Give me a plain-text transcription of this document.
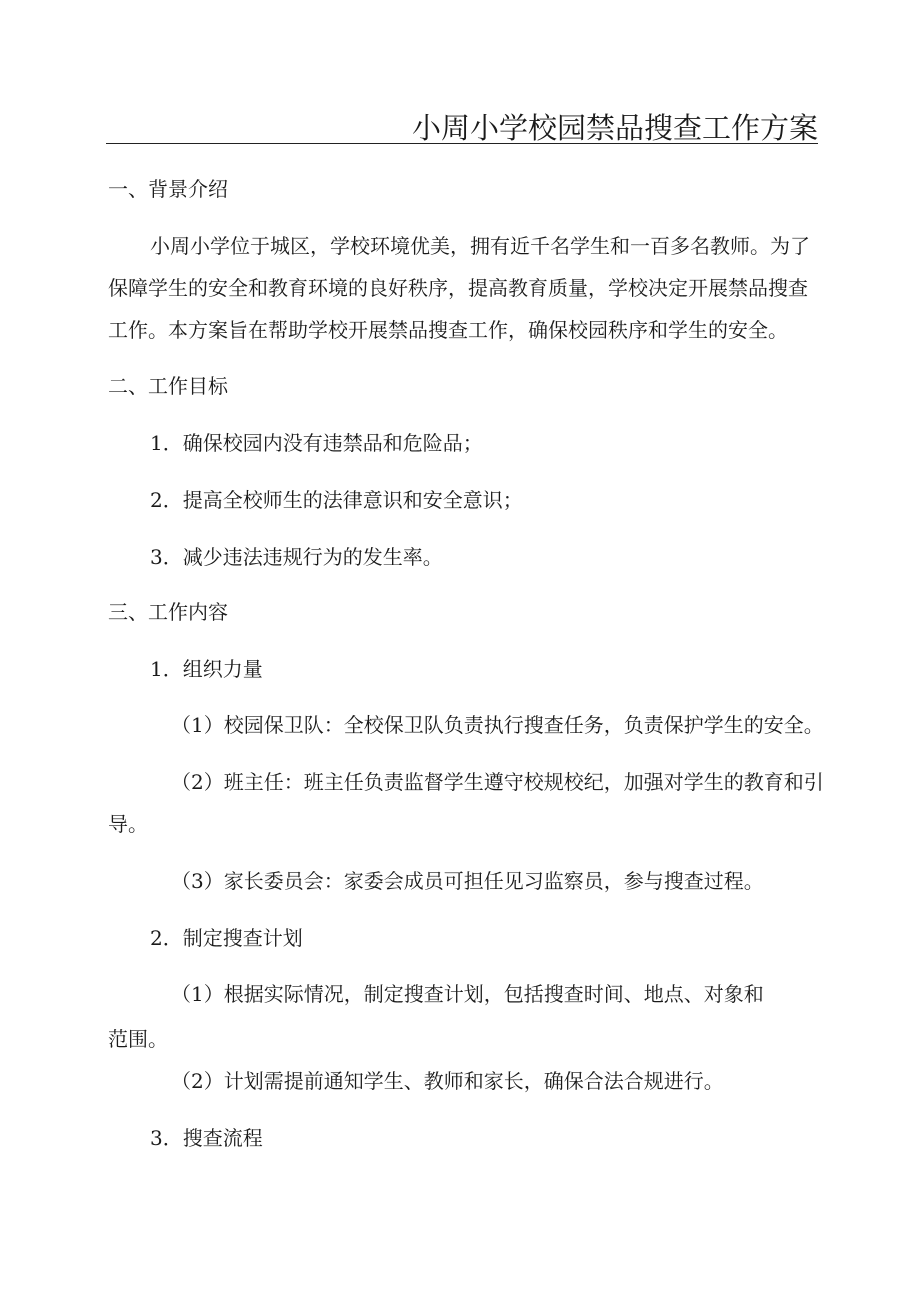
小周小学校园禁品搜查工作方案
一、背景介绍
小周小学位于城区，学校环境优美，拥有近千名学生和一百多名教师。为了
保障学生的安全和教育环境的良好秩序，提高教育质量，学校决定开展禁品搜查
工作。本方案旨在帮助学校开展禁品搜查工作，确保校园秩序和学生的安全。
二、工作目标
1．确保校园内没有违禁品和危险品；
2．提高全校师生的法律意识和安全意识；
3．减少违法违规行为的发生率。
三、工作内容
1．组织力量
（1）校园保卫队：全校保卫队负责执行搜查任务，负责保护学生的安全。
（2）班主任：班主任负责监督学生遵守校规校纪，加强对学生的教育和引
导。
（3）家长委员会：家委会成员可担任见习监察员，参与搜查过程。
2．制定搜查计划
（1）根据实际情况，制定搜查计划，包括搜查时间、地点、对象和
范围。
（2）计划需提前通知学生、教师和家长，确保合法合规进行。
3．搜查流程
